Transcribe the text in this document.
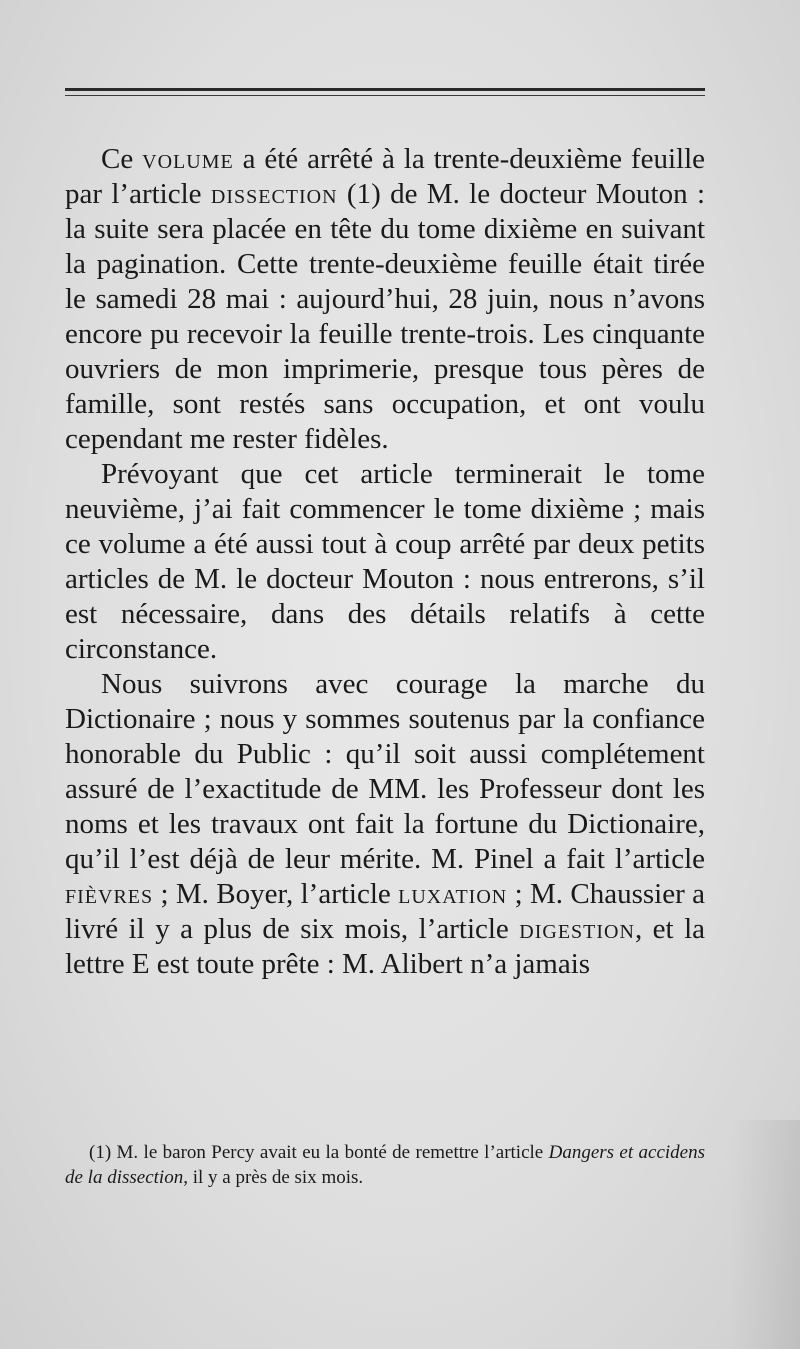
Ce volume a été arrêté à la trente-deuxième feuille par l’article dissection (1) de M. le docteur Mouton : la suite sera placée en tête du tome dixième en suivant la pagination. Cette trente-deuxième feuille était tirée le samedi 28 mai : aujourd’hui, 28 juin, nous n’avons encore pu recevoir la feuille trente-trois. Les cinquante ouvriers de mon imprimerie, presque tous pères de famille, sont restés sans occupation, et ont voulu cependant me rester fidèles.

Prévoyant que cet article terminerait le tome neuvième, j’ai fait commencer le tome dixième ; mais ce volume a été aussi tout à coup arrêté par deux petits articles de M. le docteur Mouton : nous entrerons, s’il est nécessaire, dans des détails relatifs à cette circonstance.

Nous suivrons avec courage la marche du Dictionaire ; nous y sommes soutenus par la confiance honorable du Public : qu’il soit aussi complétement assuré de l’exactitude de MM. les Professeur dont les noms et les travaux ont fait la fortune du Dictionaire, qu’il l’est déjà de leur mérite. M. Pinel a fait l’article fièvres ; M. Boyer, l’article luxation ; M. Chaussier a livré il y a plus de six mois, l’article digestion, et la lettre E est toute prête : M. Alibert n’a jamais

(1) M. le baron Percy avait eu la bonté de remettre l’article Dangers et accidens de la dissection, il y a près de six mois.
